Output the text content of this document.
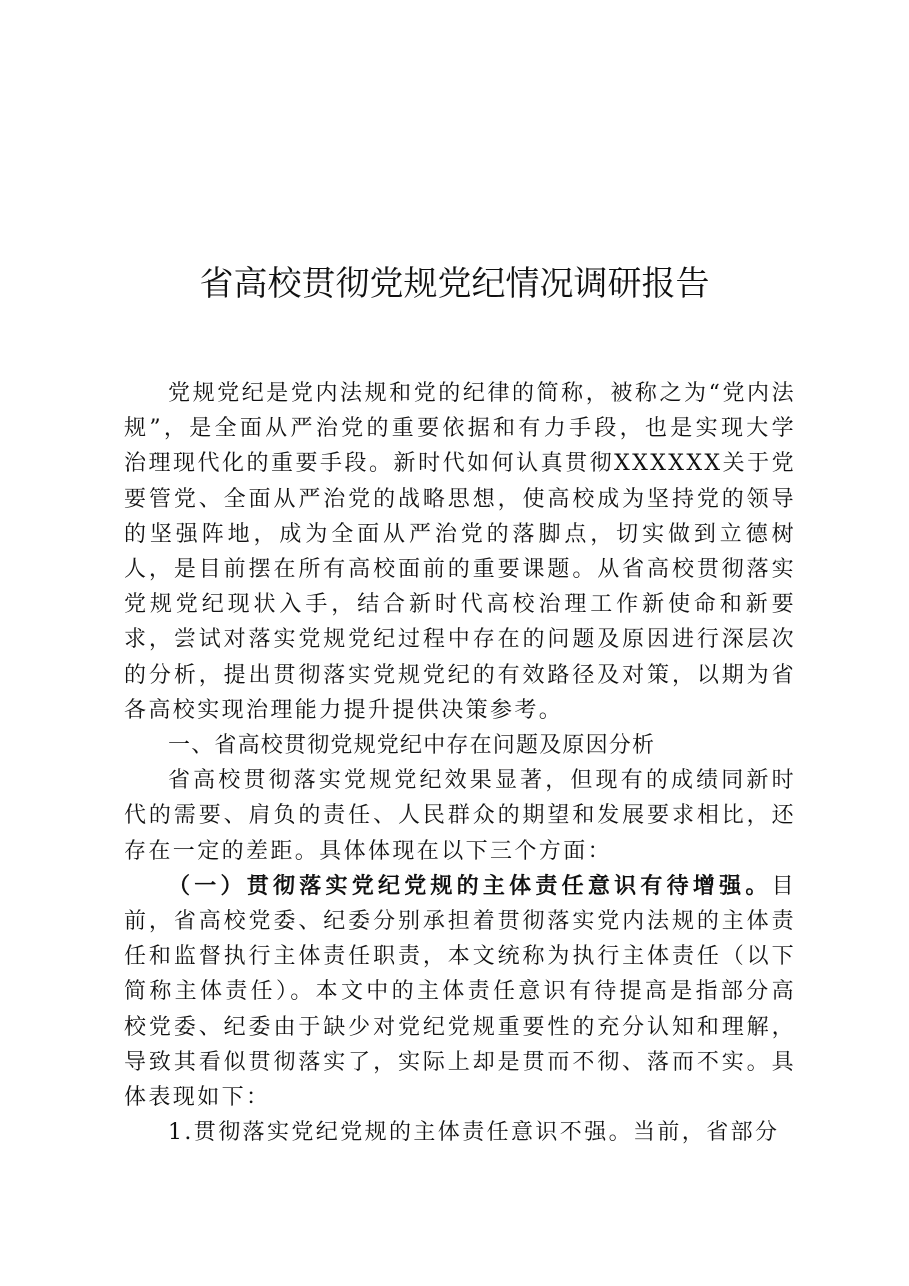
省高校贯彻党规党纪情况调研报告

党规党纪是党内法规和党的纪律的简称，被称之为“党内法规”，是全面从严治党的重要依据和有力手段，也是实现大学治理现代化的重要手段。新时代如何认真贯彻XXXXXX关于党要管党、全面从严治党的战略思想，使高校成为坚持党的领导的坚强阵地，成为全面从严治党的落脚点，切实做到立德树人，是目前摆在所有高校面前的重要课题。从省高校贯彻落实党规党纪现状入手，结合新时代高校治理工作新使命和新要求，尝试对落实党规党纪过程中存在的问题及原因进行深层次的分析，提出贯彻落实党规党纪的有效路径及对策，以期为省各高校实现治理能力提升提供决策参考。

一、省高校贯彻党规党纪中存在问题及原因分析

省高校贯彻落实党规党纪效果显著，但现有的成绩同新时代的需要、肩负的责任、人民群众的期望和发展要求相比，还存在一定的差距。具体体现在以下三个方面：

（一）贯彻落实党纪党规的主体责任意识有待增强。目前，省高校党委、纪委分别承担着贯彻落实党内法规的主体责任和监督执行主体责任职责，本文统称为执行主体责任（以下简称主体责任）。本文中的主体责任意识有待提高是指部分高校党委、纪委由于缺少对党纪党规重要性的充分认知和理解，导致其看似贯彻落实了，实际上却是贯而不彻、落而不实。具体表现如下：

1.贯彻落实党纪党规的主体责任意识不强。当前，省部分
